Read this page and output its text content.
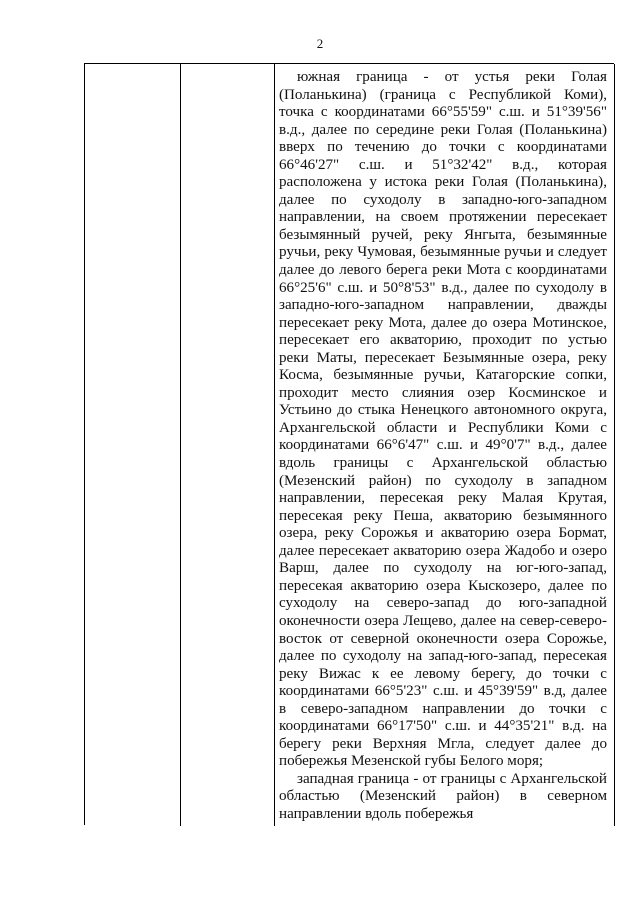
2

южная граница - от устья реки Голая (Поланькина) (граница с Республикой Коми), точка с координатами 66°55'59" с.ш. и 51°39'56" в.д., далее по середине реки Голая (Поланькина) вверх по течению до точки с координатами 66°46'27" с.ш. и 51°32'42" в.д., которая расположена у истока реки Голая (Поланькина), далее по суходолу в западно-юго-западном направлении, на своем протяжении пересекает безымянный ручей, реку Янгыта, безымянные ручьи, реку Чумовая, безымянные ручьи и следует далее до левого берега реки Мота с координатами 66°25'6" с.ш. и 50°8'53" в.д., далее по суходолу в западно-юго-западном направлении, дважды пересекает реку Мота, далее до озера Мотинское, пересекает его акваторию, проходит по устью реки Маты, пересекает Безымянные озера, реку Косма, безымянные ручьи, Катагорские сопки, проходит место слияния озер Косминское и Устьино до стыка Ненецкого автономного округа, Архангельской области и Республики Коми с координатами 66°6'47" с.ш. и 49°0'7" в.д., далее вдоль границы с Архангельской областью (Мезенский район) по суходолу в западном направлении, пересекая реку Малая Крутая, пересекая реку Пеша, акваторию безымянного озера, реку Сорожья и акваторию озера Бормат, далее пересекает акваторию озера Жадобо и озеро Варш, далее по суходолу на юг-юго-запад, пересекая акваторию озера Кыскозеро, далее по суходолу на северо-запад до юго-западной оконечности озера Лещево, далее на север-северо-восток от северной оконечности озера Сорожье, далее по суходолу на запад-юго-запад, пересекая реку Вижас к ее левому берегу, до точки с координатами 66°5'23" с.ш. и 45°39'59" в.д, далее в северо-западном направлении до точки с координатами 66°17'50" с.ш. и 44°35'21" в.д. на берегу реки Верхняя Мгла, следует далее до побережья Мезенской губы Белого моря;

западная граница - от границы с Архангельской областью (Мезенский район) в северном направлении вдоль побережья
